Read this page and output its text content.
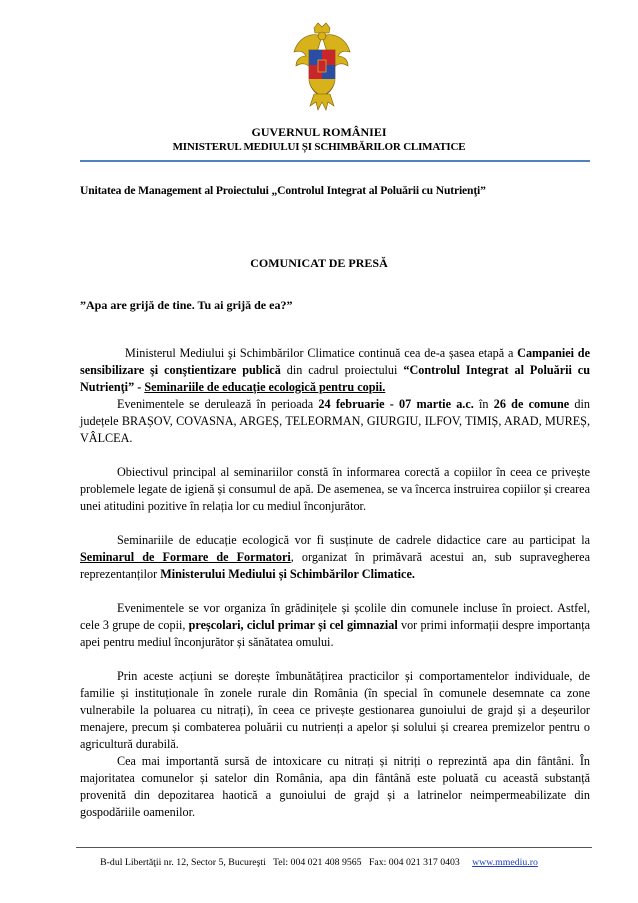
GUVERNUL ROMÂNIEI
MINISTERUL MEDIULUI ȘI SCHIMBĂRILOR CLIMATICE
Unitatea de Management al Proiectului „Controlul Integrat al Poluării cu Nutrienţi”
COMUNICAT DE PRESĂ
”Apa are grijă de tine. Tu ai grijă de ea?”

Ministerul Mediului şi Schimbărilor Climatice continuă cea de-a șasea etapă a Campaniei de sensibilizare şi conştientizare publică din cadrul proiectului “Controlul Integrat al Poluării cu Nutrienţi” - Seminariile de educație ecologică pentru copii.

Evenimentele se derulează în perioada 24 februarie - 07 martie a.c. în 26 de comune din județele BRAȘOV, COVASNA, ARGEȘ, TELEORMAN, GIURGIU, ILFOV, TIMIȘ, ARAD, MUREȘ, VÂLCEA.

Obiectivul principal al seminariilor constă în informarea corectă a copiilor în ceea ce privește problemele legate de igienă și consumul de apă. De asemenea, se va încerca instruirea copiilor și crearea unei atitudini pozitive în relația lor cu mediul înconjurător.

Seminariile de educație ecologică vor fi susținute de cadrele didactice care au participat la Seminarul de Formare de Formatori, organizat în primăvară acestui an, sub supravegherea reprezentanților Ministerului Mediului și Schimbărilor Climatice.

Evenimentele se vor organiza în grădinițele și școlile din comunele incluse în proiect. Astfel, cele 3 grupe de copii, preșcolari, ciclul primar și cel gimnazial vor primi informații despre importanța apei pentru mediul înconjurător și sănătatea omului.

Prin aceste acțiuni se dorește îmbunătățirea practicilor și comportamentelor individuale, de familie și instituționale în zonele rurale din România (în special în comunele desemnate ca zone vulnerabile la poluarea cu nitrați), în ceea ce privește gestionarea gunoiului de grajd și a deșeurilor menajere, precum și combaterea poluării cu nutrienți a apelor și solului și crearea premizelor pentru o agricultură durabilă.

Cea mai importantă sursă de intoxicare cu nitrați și nitriți o reprezintă apa din fântâni. În majoritatea comunelor și satelor din România, apa din fântână este poluată cu această substanță provenită din depozitarea haotică a gunoiului de grajd și a latrinelor neimpermeabilizate din gospodăriile oamenilor.

B-dul Libertăţii nr. 12, Sector 5, Bucureşti Tel: 004 021 408 9565 Fax: 004 021 317 0403 www.mmediu.ro
